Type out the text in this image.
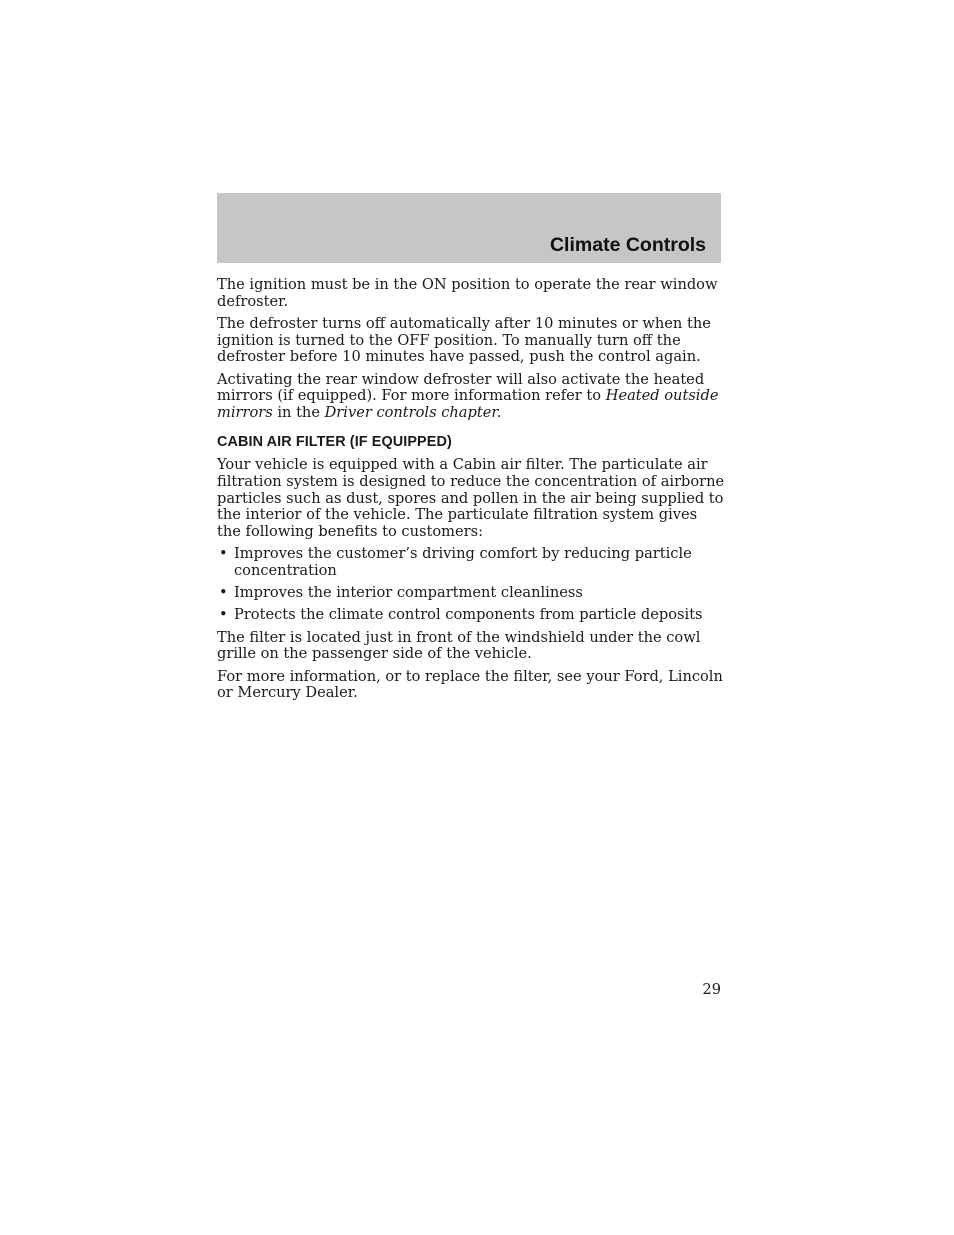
Climate Controls

The ignition must be in the ON position to operate the rear window defroster.

The defroster turns off automatically after 10 minutes or when the ignition is turned to the OFF position. To manually turn off the defroster before 10 minutes have passed, push the control again.

Activating the rear window defroster will also activate the heated mirrors (if equipped). For more information refer to Heated outside mirrors in the Driver controls chapter.

CABIN AIR FILTER (IF EQUIPPED)

Your vehicle is equipped with a Cabin air filter. The particulate air filtration system is designed to reduce the concentration of airborne particles such as dust, spores and pollen in the air being supplied to the interior of the vehicle. The particulate filtration system gives the following benefits to customers:

• Improves the customer’s driving comfort by reducing particle concentration
• Improves the interior compartment cleanliness
• Protects the climate control components from particle deposits

The filter is located just in front of the windshield under the cowl grille on the passenger side of the vehicle.

For more information, or to replace the filter, see your Ford, Lincoln or Mercury Dealer.

29
